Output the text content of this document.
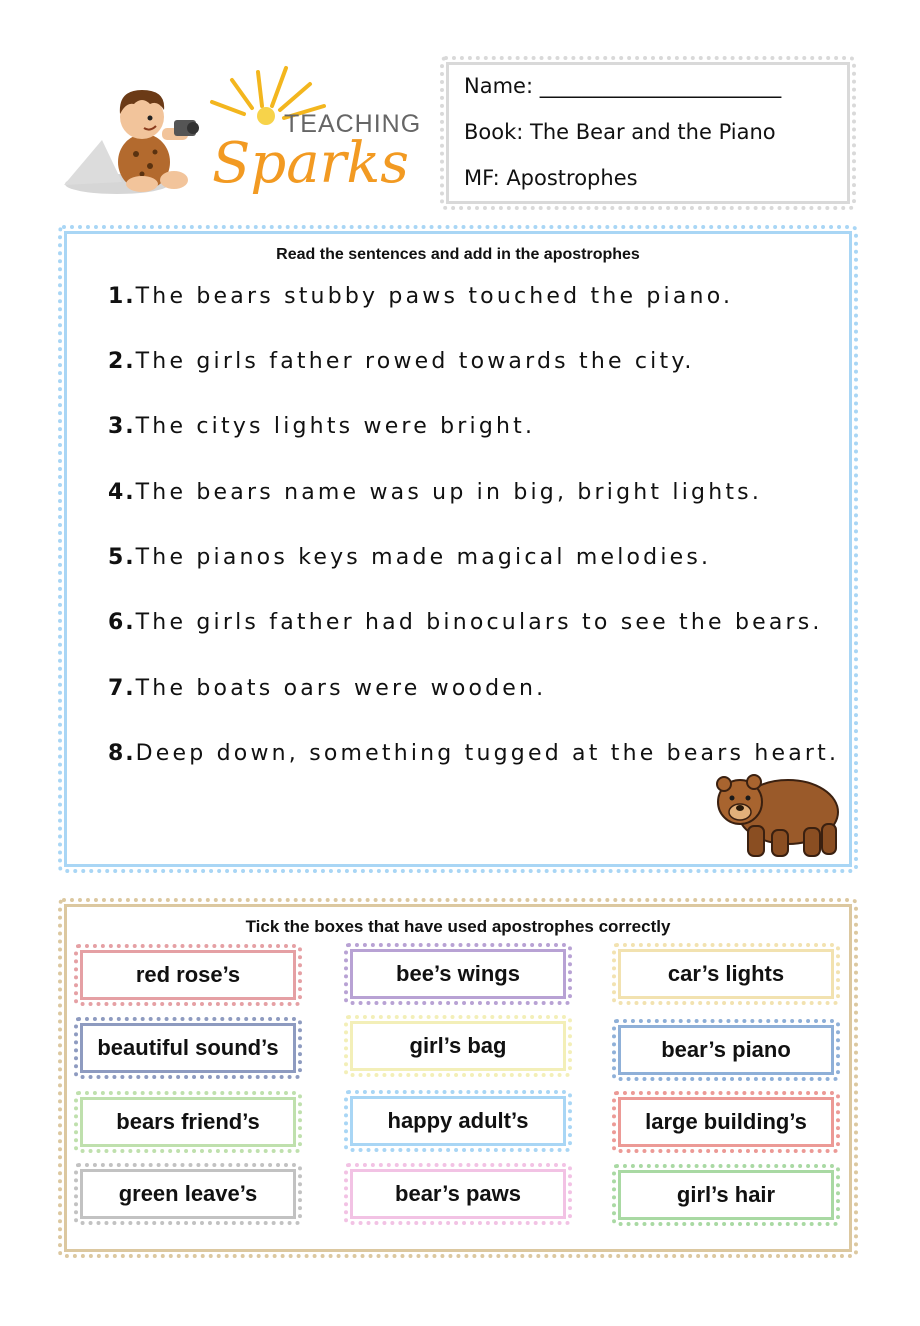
TEACHING
Sparks
Name: _______________________
Book: The Bear and the Piano
MF: Apostrophes
Read the sentences and add in the apostrophes
1.The bears stubby paws touched the piano.
2.The girls father rowed towards the city.
3.The citys lights were bright.
4.The bears name was up in big, bright lights.
5.The pianos keys made magical melodies.
6.The girls father had binoculars to see the bears.
7.The boats oars were wooden.
8.Deep down, something tugged at the bears heart.
Tick the boxes that have used apostrophes correctly
red rose’s	bee’s wings	car’s lights
beautiful sound’s	girl’s bag	bear’s piano
bears friend’s	happy adult’s	large building’s
green leave’s	bear’s paws	girl’s hair
